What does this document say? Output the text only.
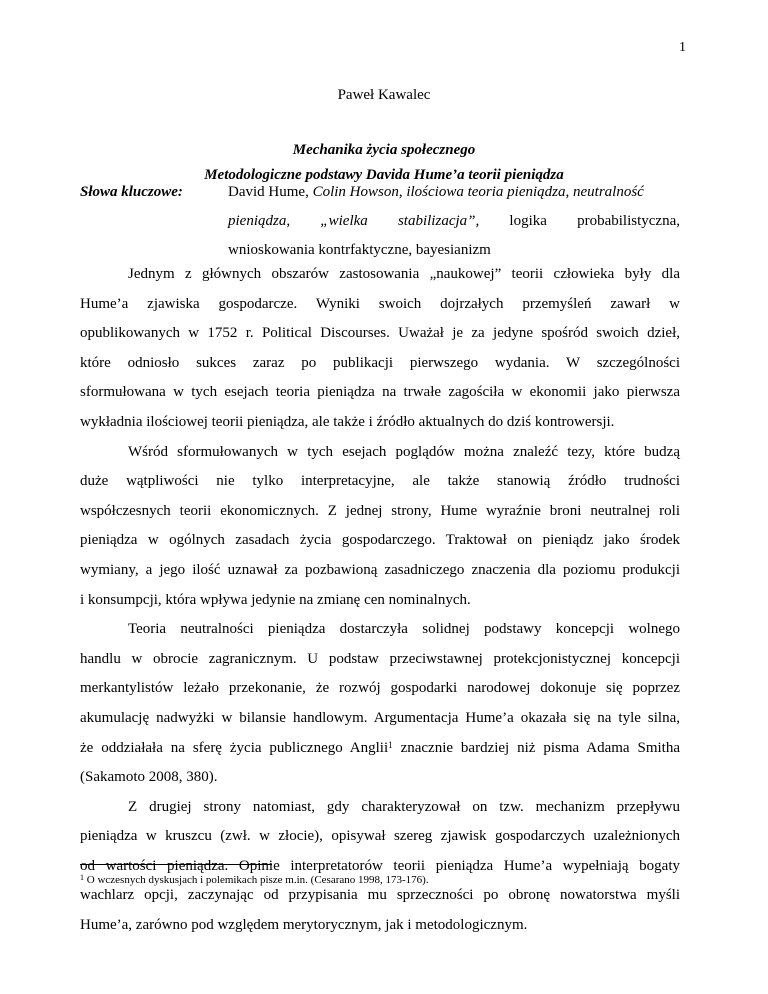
1
Paweł Kawalec
Mechanika życia społecznego
Metodologiczne podstawy Davida Hume’a teorii pieniądza
Słowa kluczowe:	David Hume, Colin Howson, ilościowa teoria pieniądza, neutralność
pieniądza, „wielka stabilizacja”, logika probabilistyczna,
wnioskowania kontrfaktyczne, bayesianizm

Jednym z głównych obszarów zastosowania „naukowej” teorii człowieka były dla
Hume’a zjawiska gospodarcze. Wyniki swoich dojrzałych przemyśleń zawarł w
opublikowanych w 1752 r. Political Discourses. Uważał je za jedyne spośród swoich dzieł,
które odniosło sukces zaraz po publikacji pierwszego wydania. W szczególności
sformułowana w tych esejach teoria pieniądza na trwałe zagościła w ekonomii jako pierwsza
wykładnia ilościowej teorii pieniądza, ale także i źródło aktualnych do dziś kontrowersji.

Wśród sformułowanych w tych esejach poglądów można znaleźć tezy, które budzą
duże wątpliwości nie tylko interpretacyjne, ale także stanowią źródło trudności
współczesnych teorii ekonomicznych. Z jednej strony, Hume wyraźnie broni neutralnej roli
pieniądza w ogólnych zasadach życia gospodarczego. Traktował on pieniądz jako środek
wymiany, a jego ilość uznawał za pozbawioną zasadniczego znaczenia dla poziomu produkcji
i konsumpcji, która wpływa jedynie na zmianę cen nominalnych.

Teoria neutralności pieniądza dostarczyła solidnej podstawy koncepcji wolnego
handlu w obrocie zagranicznym. U podstaw przeciwstawnej protekcjonistycznej koncepcji
merkantylistów leżało przekonanie, że rozwój gospodarki narodowej dokonuje się poprzez
akumulację nadwyżki w bilansie handlowym. Argumentacja Hume’a okazała się na tyle silna,
że oddziałała na sferę życia publicznego Anglii$^1$ znacznie bardziej niż pisma Adama Smitha
(Sakamoto 2008, 380).

Z drugiej strony natomiast, gdy charakteryzował on tzw. mechanizm przepływu
pieniądza w kruszcu (zwł. w złocie), opisywał szereg zjawisk gospodarczych uzależnionych
od wartości pieniądza. Opinie interpretatorów teorii pieniądza Hume’a wypełniają bogaty
wachlarz opcji, zaczynając od przypisania mu sprzeczności po obronę nowatorstwa myśli
Hume’a, zarówno pod względem merytorycznym, jak i metodologicznym.

$^1$ O wczesnych dyskusjach i polemikach pisze m.in. (Cesarano 1998, 173-176).
